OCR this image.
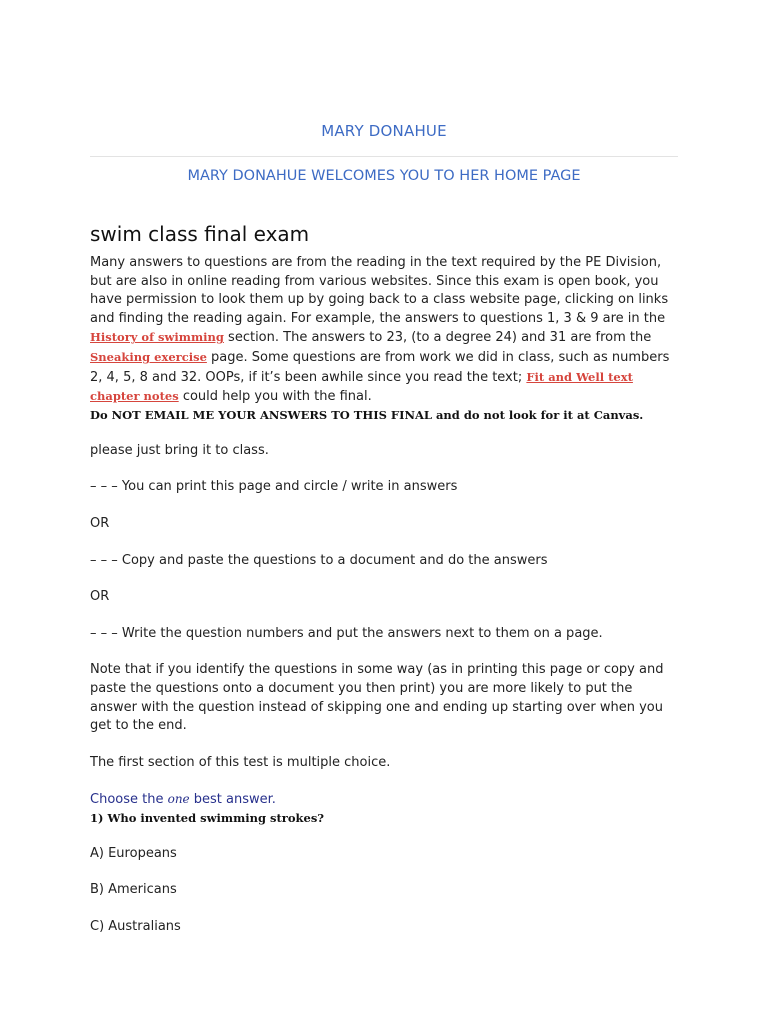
MARY DONAHUE
MARY DONAHUE WELCOMES YOU TO HER HOME PAGE
swim class final exam

Many answers to questions are from the reading in the text required by the PE Division, but are also in online reading from various websites. Since this exam is open book, you have permission to look them up by going back to a class website page, clicking on links and finding the reading again. For example, the answers to questions 1, 3 & 9 are in the History of swimming section. The answers to 23, (to a degree 24) and 31 are from the Sneaking exercise page. Some questions are from work we did in class, such as numbers 2, 4, 5, 8 and 32. OOPs, if it’s been awhile since you read the text; Fit and Well text chapter notes could help you with the final.

Do NOT EMAIL ME YOUR ANSWERS TO THIS FINAL and do not look for it at Canvas.

please just bring it to class.

– – – You can print this page and circle / write in answers

OR

– – – Copy and paste the questions to a document and do the answers

OR

– – – Write the question numbers and put the answers next to them on a page.

Note that if you identify the questions in some way (as in printing this page or copy and paste the questions onto a document you then print) you are more likely to put the answer with the question instead of skipping one and ending up starting over when you get to the end.

The first section of this test is multiple choice.

Choose the one best answer.

1) Who invented swimming strokes?

A) Europeans

B) Americans

C) Australians
